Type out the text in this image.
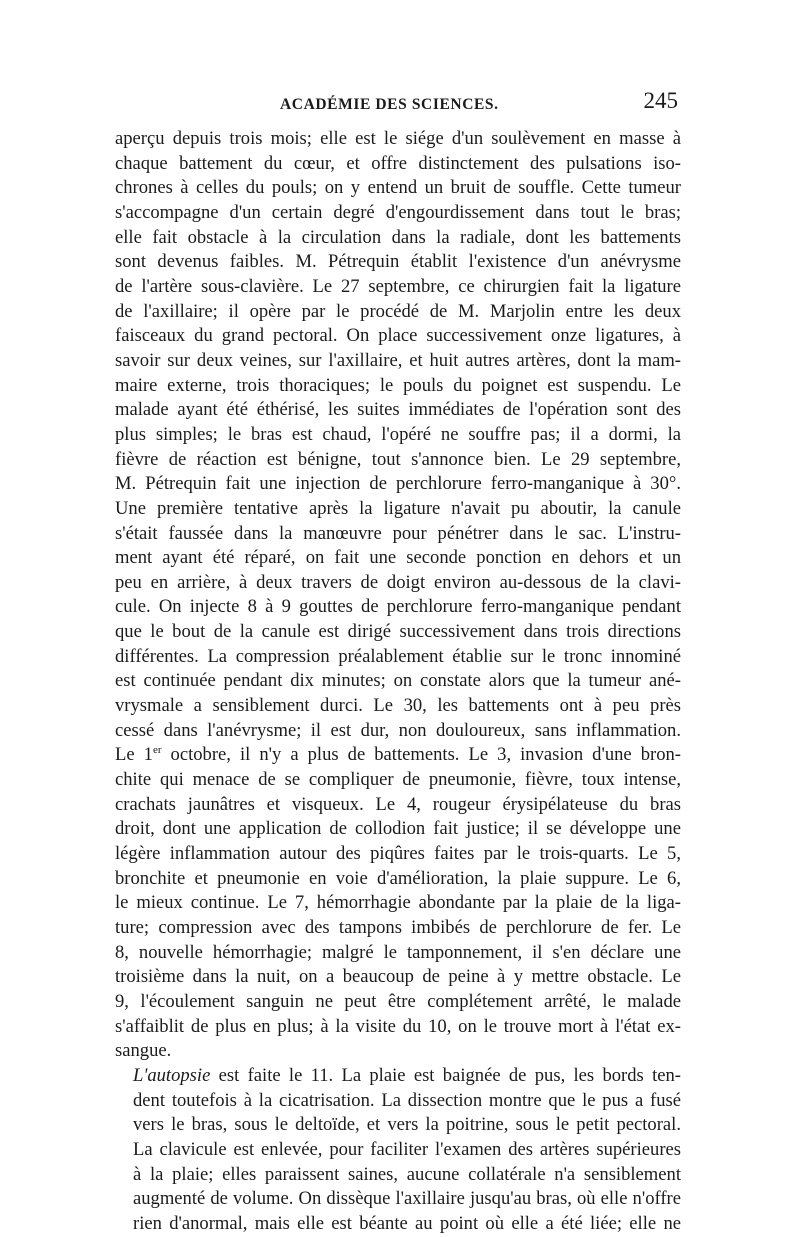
ACADÉMIE DES SCIENCES.	245

aperçu depuis trois mois; elle est le siége d'un soulèvement en masse à
chaque battement du cœur, et offre distinctement des pulsations iso-
chrones à celles du pouls; on y entend un bruit de souffle. Cette tumeur
s'accompagne d'un certain degré d'engourdissement dans tout le bras;
elle fait obstacle à la circulation dans la radiale, dont les battements
sont devenus faibles. M. Pétrequin établit l'existence d'un anévrysme
de l'artère sous-clavière. Le 27 septembre, ce chirurgien fait la ligature
de l'axillaire; il opère par le procédé de M. Marjolin entre les deux
faisceaux du grand pectoral. On place successivement onze ligatures, à
savoir sur deux veines, sur l'axillaire, et huit autres artères, dont la mam-
maire externe, trois thoraciques; le pouls du poignet est suspendu. Le
malade ayant été éthérisé, les suites immédiates de l'opération sont des
plus simples; le bras est chaud, l'opéré ne souffre pas; il a dormi, la
fièvre de réaction est bénigne, tout s'annonce bien. Le 29 septembre,
M. Pétrequin fait une injection de perchlorure ferro-manganique à 30°.
Une première tentative après la ligature n'avait pu aboutir, la canule
s'était faussée dans la manœuvre pour pénétrer dans le sac. L'instru-
ment ayant été réparé, on fait une seconde ponction en dehors et un
peu en arrière, à deux travers de doigt environ au-dessous de la clavi-
cule. On injecte 8 à 9 gouttes de perchlorure ferro-manganique pendant
que le bout de la canule est dirigé successivement dans trois directions
différentes. La compression préalablement établie sur le tronc innominé
est continuée pendant dix minutes; on constate alors que la tumeur ané-
vrysmale a sensiblement durci. Le 30, les battements ont à peu près
cessé dans l'anévrysme; il est dur, non douloureux, sans inflammation.
Le 1er octobre, il n'y a plus de battements. Le 3, invasion d'une bron-
chite qui menace de se compliquer de pneumonie, fièvre, toux intense,
crachats jaunâtres et visqueux. Le 4, rougeur érysipélateuse du bras
droit, dont une application de collodion fait justice; il se développe une
légère inflammation autour des piqûres faites par le trois-quarts. Le 5,
bronchite et pneumonie en voie d'amélioration, la plaie suppure. Le 6,
le mieux continue. Le 7, hémorrhagie abondante par la plaie de la liga-
ture; compression avec des tampons imbibés de perchlorure de fer. Le
8, nouvelle hémorrhagie; malgré le tamponnement, il s'en déclare une
troisième dans la nuit, on a beaucoup de peine à y mettre obstacle. Le
9, l'écoulement sanguin ne peut être complétement arrêté, le malade
s'affaiblit de plus en plus; à la visite du 10, on le trouve mort à l'état ex-
sangue.

L'autopsie est faite le 11. La plaie est baignée de pus, les bords ten-
dent toutefois à la cicatrisation. La dissection montre que le pus a fusé
vers le bras, sous le deltoïde, et vers la poitrine, sous le petit pectoral.
La clavicule est enlevée, pour faciliter l'examen des artères supérieures
à la plaie; elles paraissent saines, aucune collatérale n'a sensiblement
augmenté de volume. On dissèque l'axillaire jusqu'au bras, où elle n'offre
rien d'anormal, mais elle est béante au point où elle a été liée; elle ne
